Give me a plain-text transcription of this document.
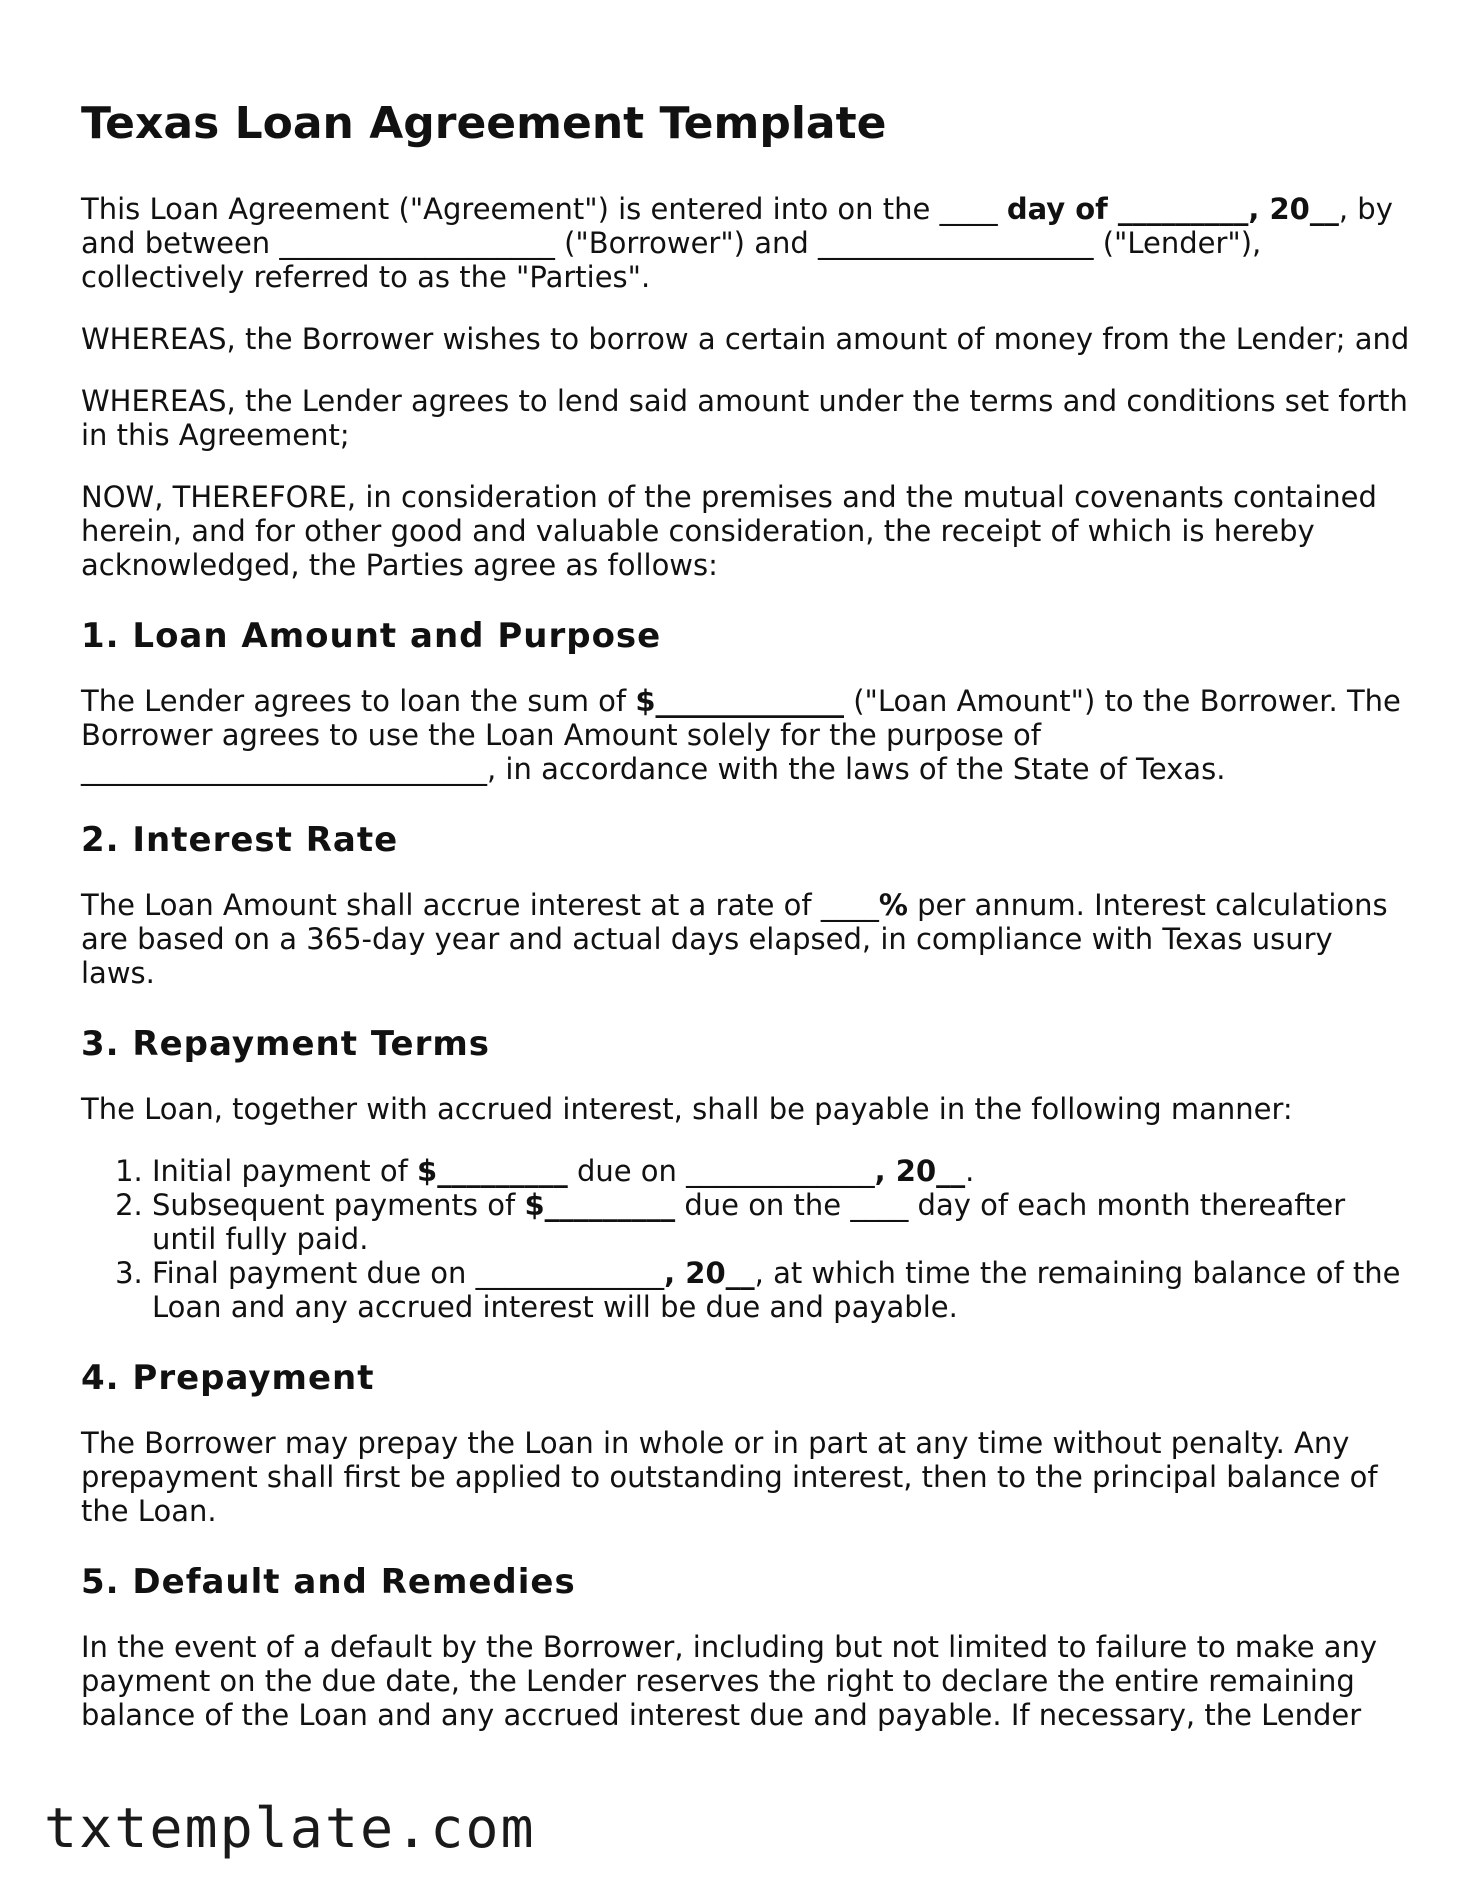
Texas Loan Agreement Template

This Loan Agreement ("Agreement") is entered into on the ____ day of _________, 20__, by and between ___________________ ("Borrower") and ___________________ ("Lender"), collectively referred to as the "Parties".

WHEREAS, the Borrower wishes to borrow a certain amount of money from the Lender; and

WHEREAS, the Lender agrees to lend said amount under the terms and conditions set forth in this Agreement;

NOW, THEREFORE, in consideration of the premises and the mutual covenants contained herein, and for other good and valuable consideration, the receipt of which is hereby acknowledged, the Parties agree as follows:

1. Loan Amount and Purpose

The Lender agrees to loan the sum of $_____________ ("Loan Amount") to the Borrower. The Borrower agrees to use the Loan Amount solely for the purpose of ____________________________, in accordance with the laws of the State of Texas.

2. Interest Rate

The Loan Amount shall accrue interest at a rate of ____% per annum. Interest calculations are based on a 365-day year and actual days elapsed, in compliance with Texas usury laws.

3. Repayment Terms

The Loan, together with accrued interest, shall be payable in the following manner:

1. Initial payment of $_________ due on _____________, 20__.
2. Subsequent payments of $_________ due on the ____ day of each month thereafter until fully paid.
3. Final payment due on _____________, 20__, at which time the remaining balance of the Loan and any accrued interest will be due and payable.
4. Prepayment

The Borrower may prepay the Loan in whole or in part at any time without penalty. Any prepayment shall first be applied to outstanding interest, then to the principal balance of the Loan.

5. Default and Remedies

In the event of a default by the Borrower, including but not limited to failure to make any payment on the due date, the Lender reserves the right to declare the entire remaining balance of the Loan and any accrued interest due and payable. If necessary, the Lender

txtemplate.com
